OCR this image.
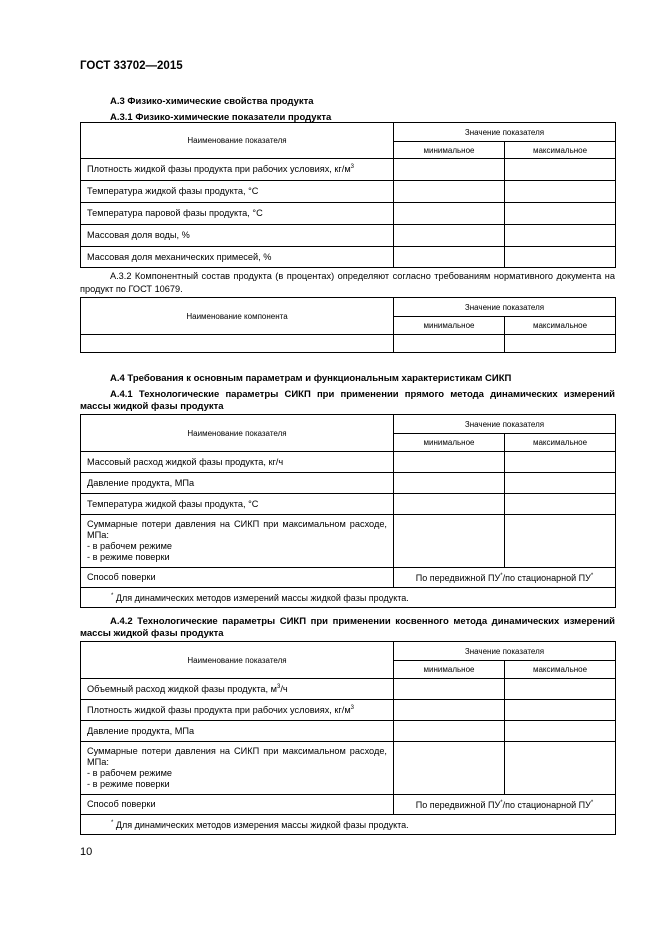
ГОСТ 33702—2015
А.3 Физико-химические свойства продукта
А.3.1 Физико-химические показатели продукта
Наименование показателя	Значение показателя	
	минимальное	максимальное
Плотность жидкой фазы продукта при рабочих условиях, $кг/м^3$		
Температура жидкой фазы продукта, °С		
Температура паровой фазы продукта, °С		
Массовая доля воды, %		
Массовая доля механических примесей, %		
А.3.2 Компонентный состав продукта (в процентах) определяют согласно требованиям нормативного документа на продукт по ГОСТ 10679.
Наименование компонента	Значение показателя	
	минимальное	максимальное

А.4 Требования к основным параметрам и функциональным характеристикам СИКП
А.4.1 Технологические параметры СИКП при применении прямого метода динамических измерений массы жидкой фазы продукта
Наименование показателя	Значение показателя	
	минимальное	максимальное
Массовый расход жидкой фазы продукта, кг/ч		
Давление продукта, МПа		
Температура жидкой фазы продукта, °С		

Суммарные потери давления на СИКП при максимальном расходе, МПа:
- в рабочем режиме
- в режиме поверки		

Способ поверки	По передвижной ПУ*/по стационарной ПУ*
* Для динамических методов измерений массы жидкой фазы продукта.		
А.4.2 Технологические параметры СИКП при применении косвенного метода динамических измерений массы жидкой фазы продукта
Наименование показателя	Значение показателя	
	минимальное	максимальное
Объемный расход жидкой фазы продукта, $м^3/ч$		
Плотность жидкой фазы продукта при рабочих условиях, $кг/м^3$		
Давление продукта, МПа		

Суммарные потери давления на СИКП при максимальном расходе, МПа:
- в рабочем режиме
- в режиме поверки		

Способ поверки	По передвижной ПУ*/по стационарной ПУ*
* Для динамических методов измерения массы жидкой фазы продукта.		
10
